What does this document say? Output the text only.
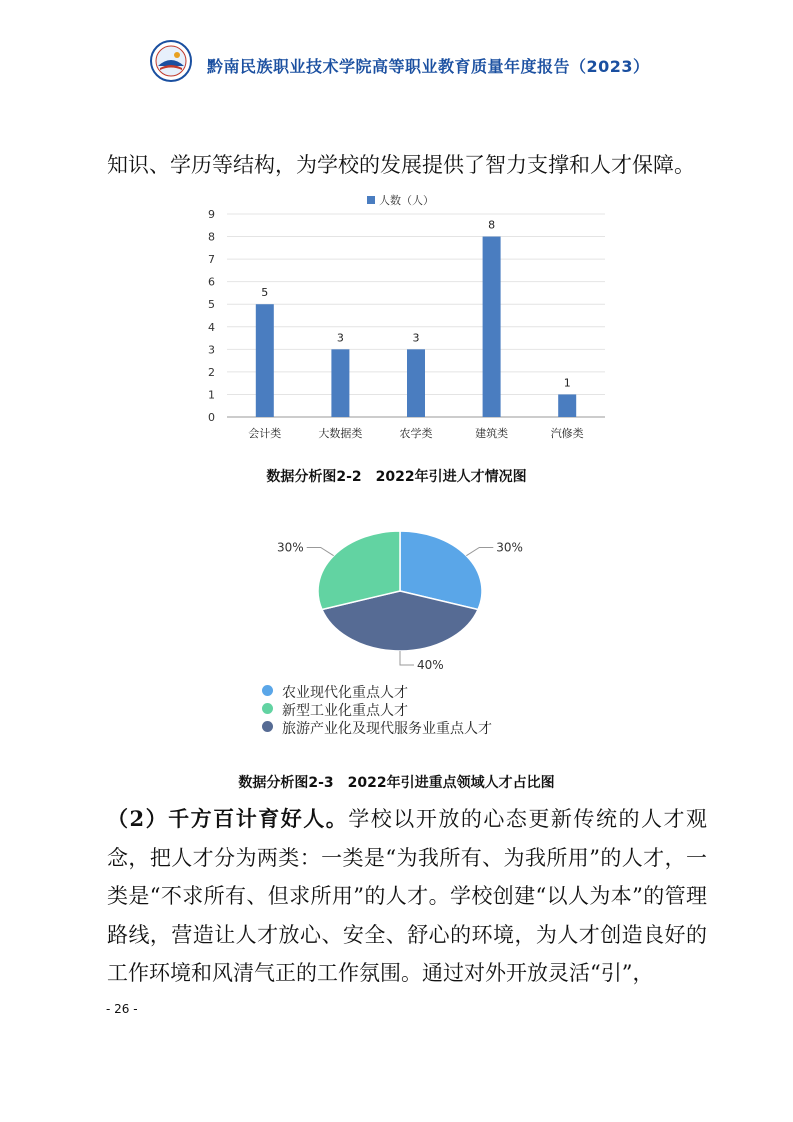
黔南民族职业技术学院高等职业教育质量年度报告（2023）

知识、学历等结构，为学校的发展提供了智力支撑和人才保障。

人数（人）
0
1
2
3
4
5
6
7
8
9
5
会计类
3
大数据类
3
农学类
8
建筑类
1
汽修类
数据分析图2-2　2022年引进人才情况图
30%
40%
30%
农业现代化重点人才
新型工业化重点人才
旅游产业化及现代服务业重点人才
数据分析图2-3　2022年引进重点领域人才占比图

（2）千方百计育好人。学校以开放的心态更新传统的人才观念，把人才分为两类：一类是“为我所有、为我所用”的人才，一类是“不求所有、但求所用”的人才。学校创建“以人为本”的管理路线，营造让人才放心、安全、舒心的环境，为人才创造良好的工作环境和风清气正的工作氛围。通过对外开放灵活“引”，

- 26 -
